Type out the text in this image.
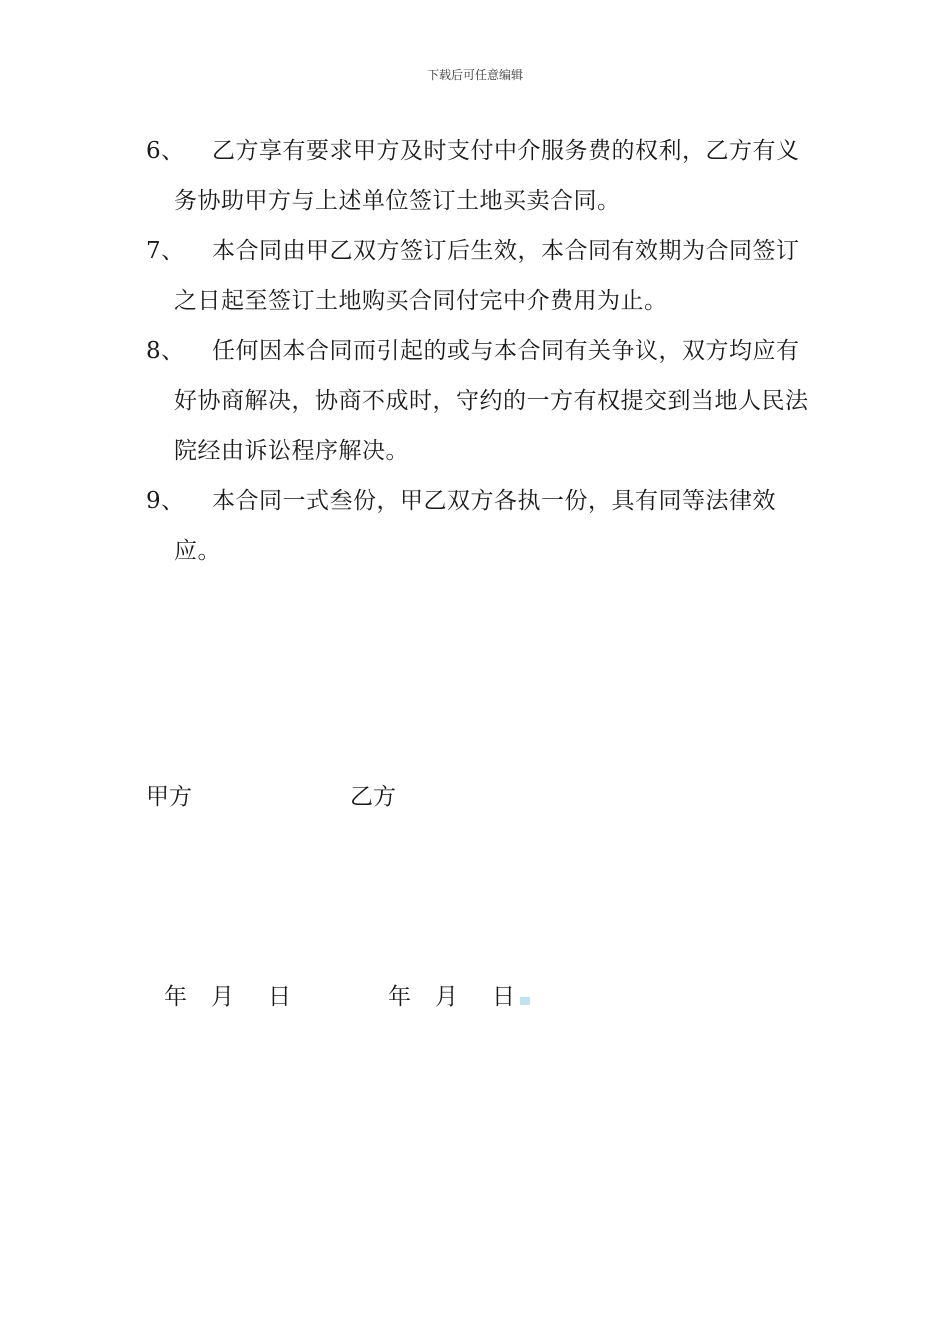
下载后可任意编辑
6、 乙方享有要求甲方及时支付中介服务费的权利，乙方有义务协助甲方与上述单位签订土地买卖合同。
7、 本合同由甲乙双方签订后生效，本合同有效期为合同签订之日起至签订土地购买合同付完中介费用为止。
8、 任何因本合同而引起的或与本合同有关争议，双方均应有好协商解决，协商不成时，守约的一方有权提交到当地人民法院经由诉讼程序解决。
9、 本合同一式叁份，甲乙双方各执一份，具有同等法律效应。
甲方	乙方
年 月 日	年 月 日
